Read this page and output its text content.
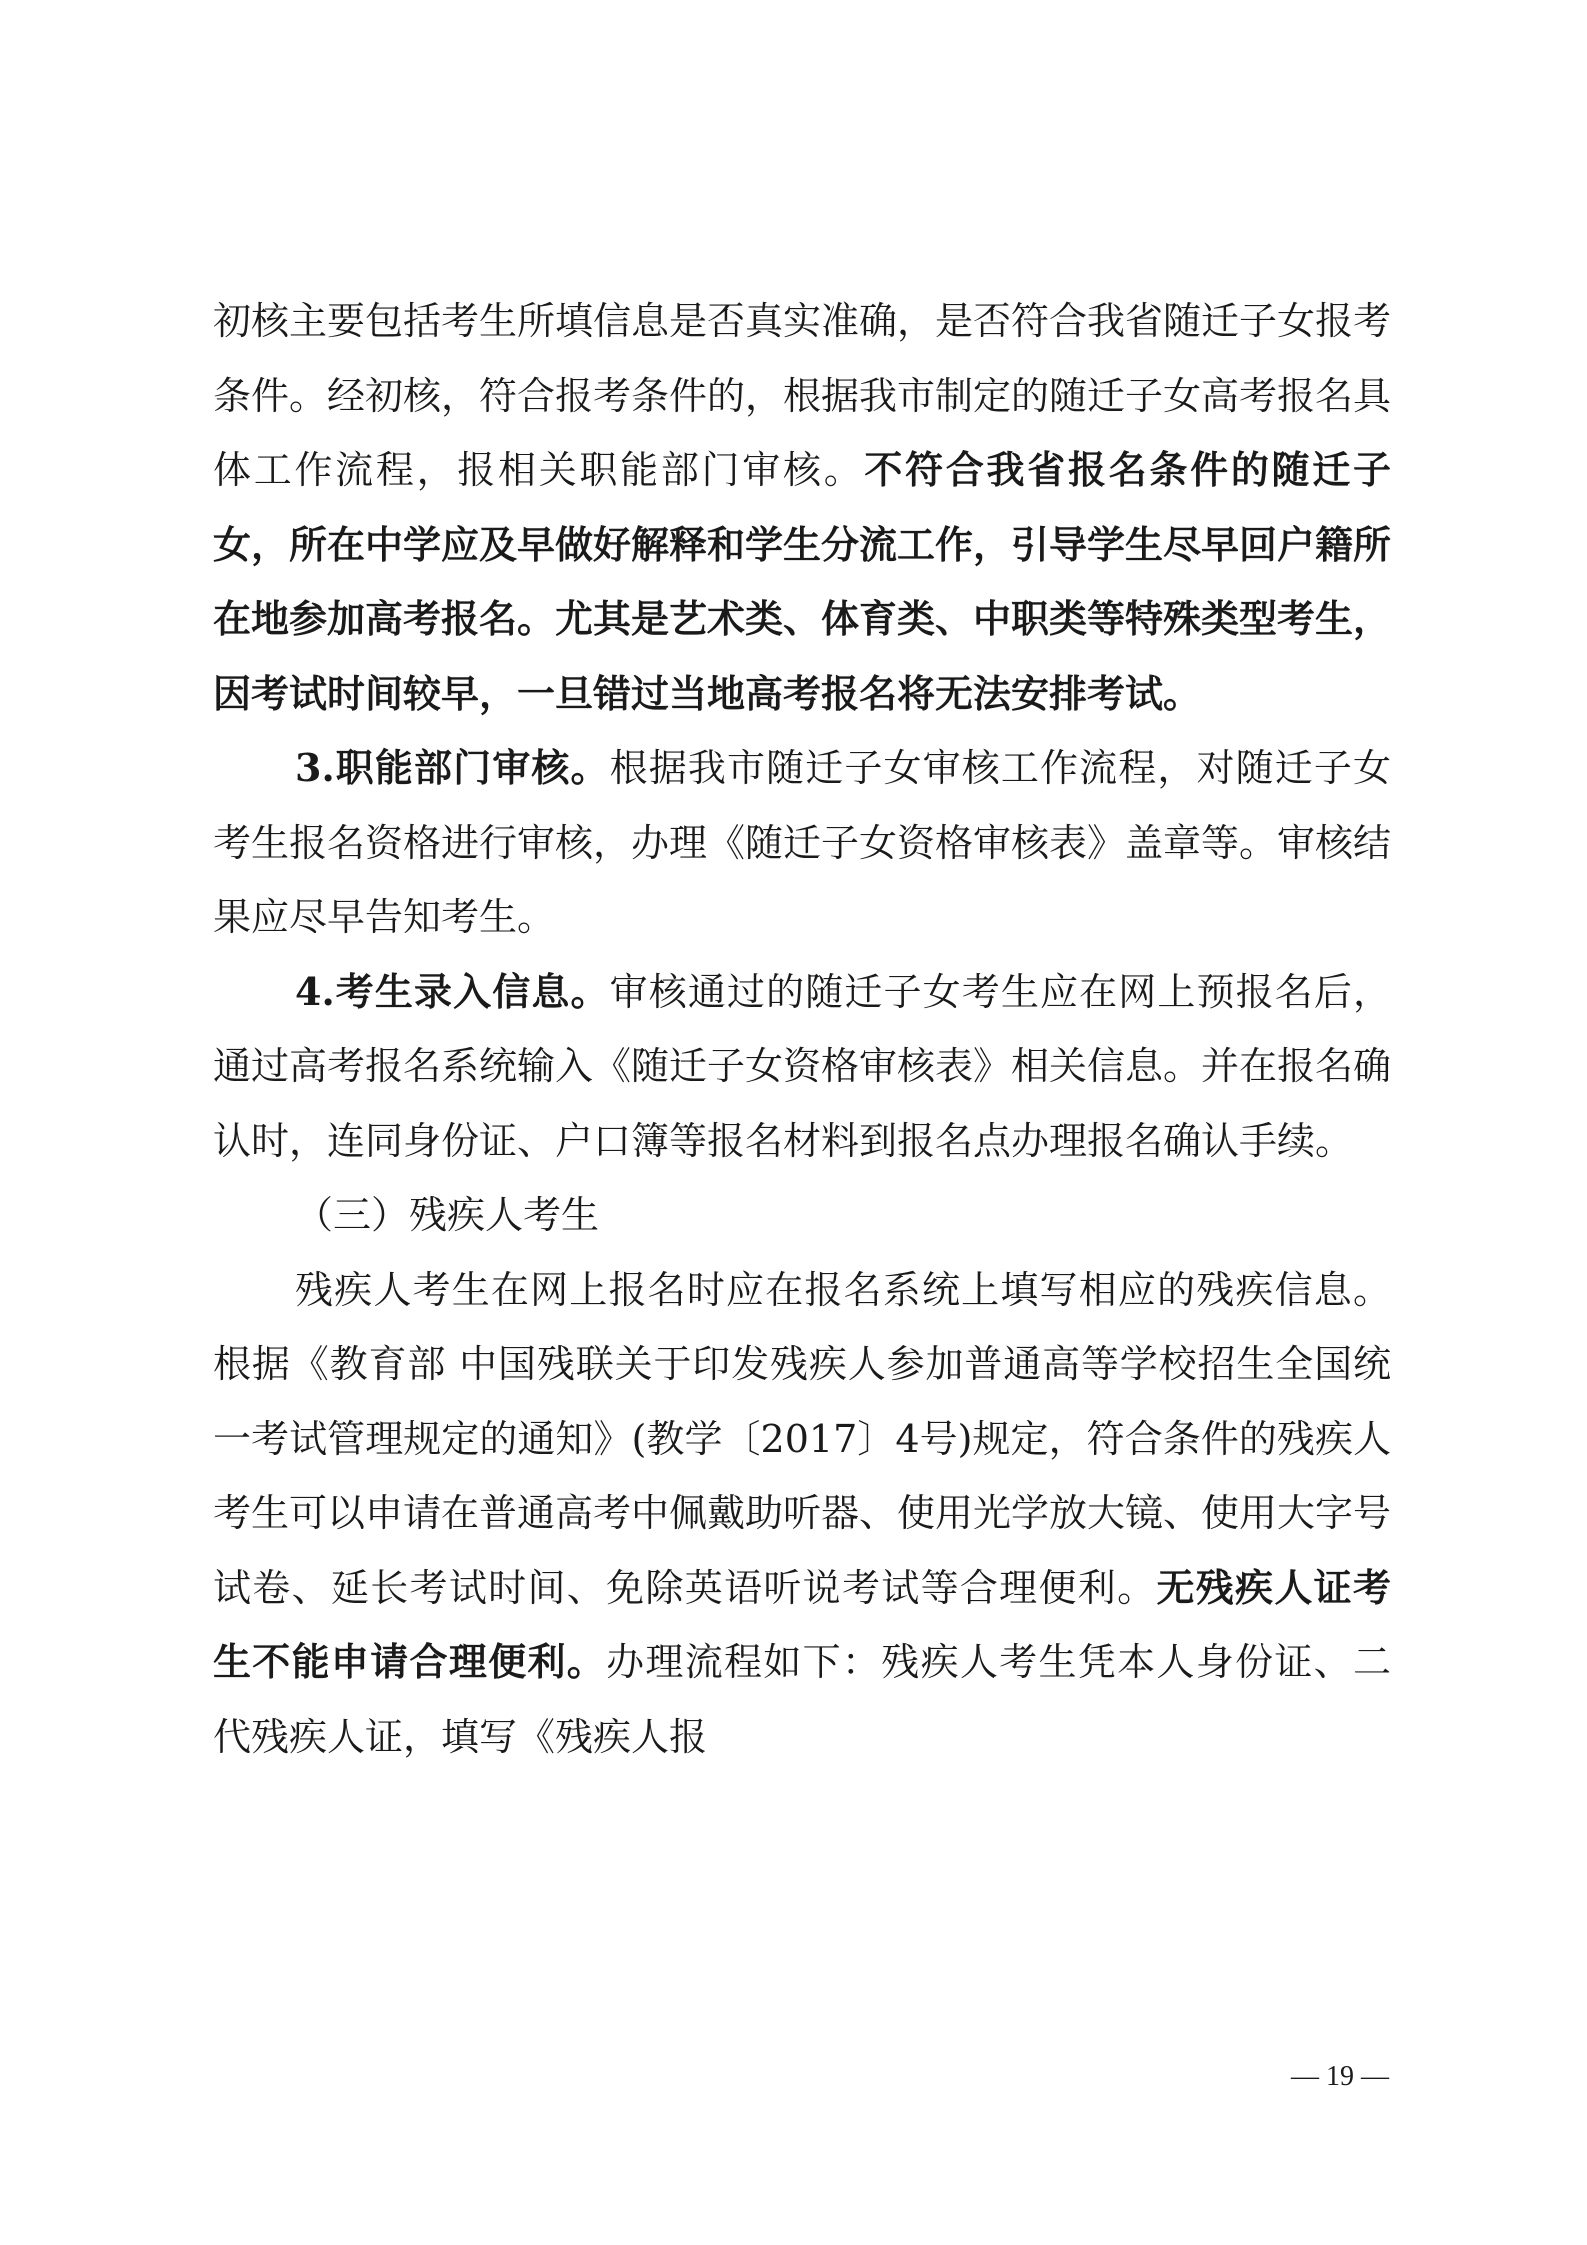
初核主要包括考生所填信息是否真实准确，是否符合我省随迁子女报考条件。经初核，符合报考条件的，根据我市制定的随迁子女高考报名具体工作流程，报相关职能部门审核。不符合我省报名条件的随迁子女，所在中学应及早做好解释和学生分流工作，引导学生尽早回户籍所在地参加高考报名。尤其是艺术类、体育类、中职类等特殊类型考生，因考试时间较早，一旦错过当地高考报名将无法安排考试。

3.职能部门审核。根据我市随迁子女审核工作流程，对随迁子女考生报名资格进行审核，办理《随迁子女资格审核表》盖章等。审核结果应尽早告知考生。

4.考生录入信息。审核通过的随迁子女考生应在网上预报名后，通过高考报名系统输入《随迁子女资格审核表》相关信息。并在报名确认时，连同身份证、户口簿等报名材料到报名点办理报名确认手续。

（三）残疾人考生

残疾人考生在网上报名时应在报名系统上填写相应的残疾信息。根据《教育部 中国残联关于印发残疾人参加普通高等学校招生全国统一考试管理规定的通知》(教学〔2017〕4号)规定，符合条件的残疾人考生可以申请在普通高考中佩戴助听器、使用光学放大镜、使用大字号试卷、延长考试时间、免除英语听说考试等合理便利。无残疾人证考生不能申请合理便利。办理流程如下：残疾人考生凭本人身份证、二代残疾人证，填写《残疾人报

— 19 —
